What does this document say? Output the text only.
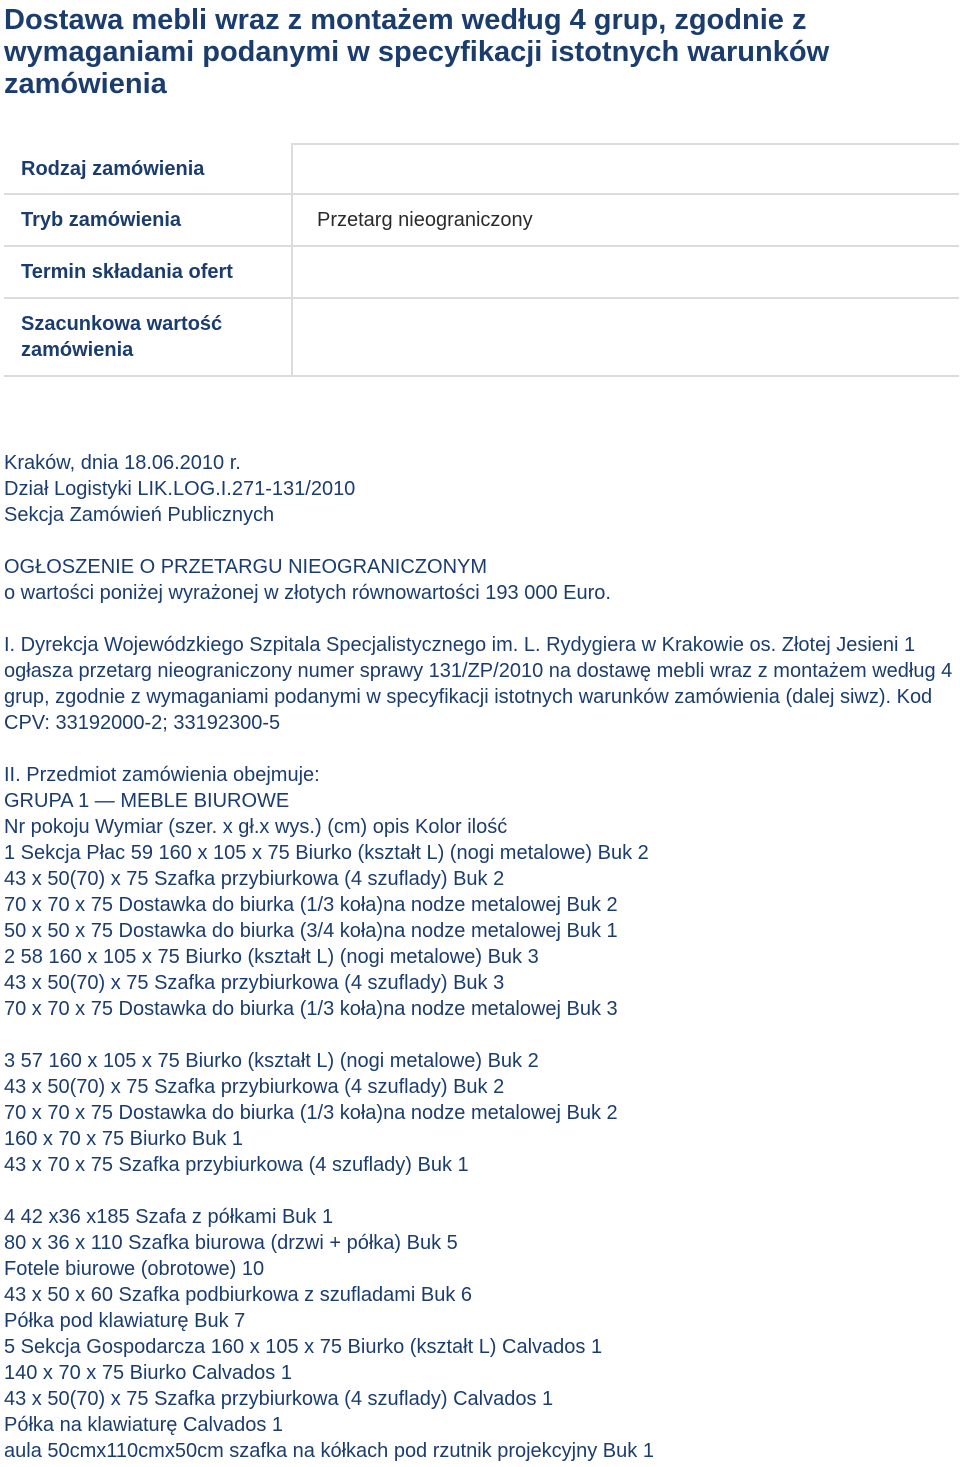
Dostawa mebli wraz z montażem według 4 grup, zgodnie z wymaganiami podanymi w specyfikacji istotnych warunków zamówienia
Rodzaj zamówienia	
Tryb zamówienia	Przetarg nieograniczony
Termin składania ofert	
Szacunkowa wartość zamówienia	
Kraków, dnia 18.06.2010 r.
Dział Logistyki LIK.LOG.I.271-131/2010
Sekcja Zamówień Publicznych
OGŁOSZENIE O PRZETARGU NIEOGRANICZONYM
o wartości poniżej wyrażonej w złotych równowartości 193 000 Euro.

I. Dyrekcja Wojewódzkiego Szpitala Specjalistycznego im. L. Rydygiera w Krakowie os. Złotej Jesieni 1 ogłasza przetarg nieograniczony numer sprawy 131/ZP/2010 na dostawę mebli wraz z montażem według 4 grup, zgodnie z wymaganiami podanymi w specyfikacji istotnych warunków zamówienia (dalej siwz). Kod CPV: 33192000-2; 33192300-5

II. Przedmiot zamówienia obejmuje:
GRUPA 1 — MEBLE BIUROWE
Nr pokoju Wymiar (szer. x gł.x wys.) (cm) opis Kolor ilość
1 Sekcja Płac 59 160 x 105 x 75 Biurko (kształt L) (nogi metalowe) Buk 2
43 x 50(70) x 75 Szafka przybiurkowa (4 szuflady) Buk 2
70 x 70 x 75 Dostawka do biurka (1/3 koła)na nodze metalowej Buk 2
50 x 50 x 75 Dostawka do biurka (3/4 koła)na nodze metalowej Buk 1
2 58 160 x 105 x 75 Biurko (kształt L) (nogi metalowe) Buk 3
43 x 50(70) x 75 Szafka przybiurkowa (4 szuflady) Buk 3
70 x 70 x 75 Dostawka do biurka (1/3 koła)na nodze metalowej Buk 3
3 57 160 x 105 x 75 Biurko (kształt L) (nogi metalowe) Buk 2
43 x 50(70) x 75 Szafka przybiurkowa (4 szuflady) Buk 2
70 x 70 x 75 Dostawka do biurka (1/3 koła)na nodze metalowej Buk 2
160 x 70 x 75 Biurko Buk 1
43 x 70 x 75 Szafka przybiurkowa (4 szuflady) Buk 1
4 42 x36 x185 Szafa z półkami Buk 1
80 x 36 x 110 Szafka biurowa (drzwi + półka) Buk 5
Fotele biurowe (obrotowe) 10
43 x 50 x 60 Szafka podbiurkowa z szufladami Buk 6
Półka pod klawiaturę Buk 7
5 Sekcja Gospodarcza 160 x 105 x 75 Biurko (kształt L) Calvados 1
140 x 70 x 75 Biurko Calvados 1
43 x 50(70) x 75 Szafka przybiurkowa (4 szuflady) Calvados 1
Półka na klawiaturę Calvados 1
aula 50cmx110cmx50cm szafka na kółkach pod rzutnik projekcyjny Buk 1
